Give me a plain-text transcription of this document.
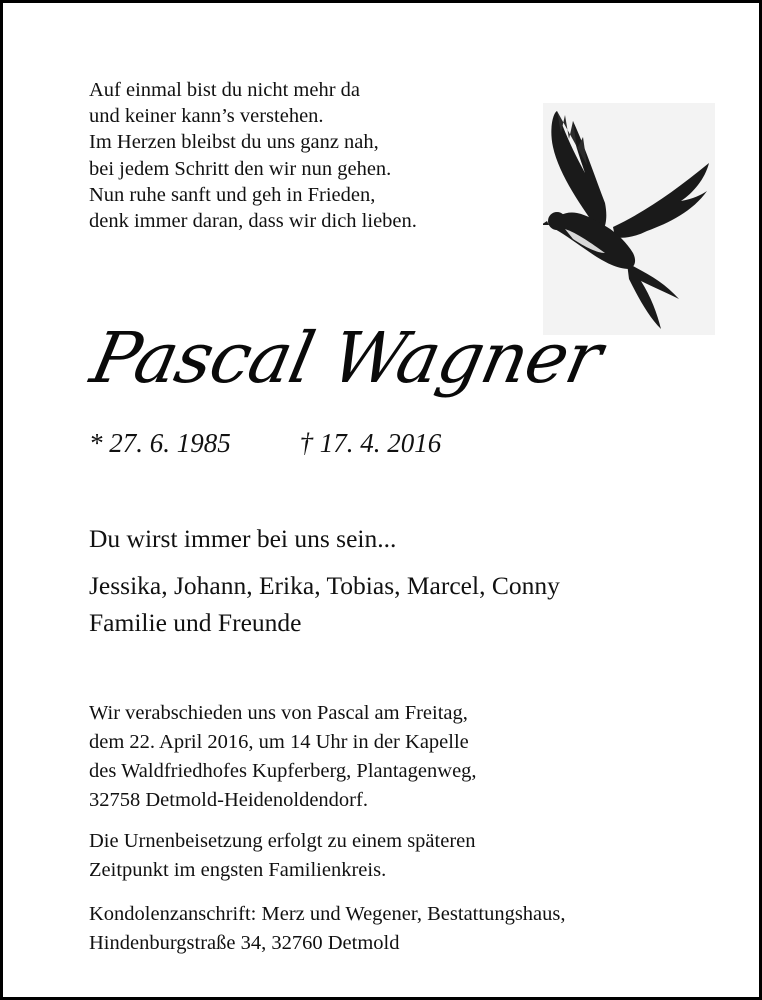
Auf einmal bist du nicht mehr da
und keiner kann’s verstehen.
Im Herzen bleibst du uns ganz nah,
bei jedem Schritt den wir nun gehen.
Nun ruhe sanft und geh in Frieden,
denk immer daran, dass wir dich lieben.
Pascal Wagner
* 27. 6. 1985	† 17. 4. 2016
Du wirst immer bei uns sein...
Jessika, Johann, Erika, Tobias, Marcel, Conny
Familie und Freunde
Wir verabschieden uns von Pascal am Freitag,
dem 22. April 2016, um 14 Uhr in der Kapelle
des Waldfriedhofes Kupferberg, Plantagenweg,
32758 Detmold-Heidenoldendorf.
Die Urnenbeisetzung erfolgt zu einem späteren
Zeitpunkt im engsten Familienkreis.
Kondolenzanschrift: Merz und Wegener, Bestattungshaus,
Hindenburgstraße 34, 32760 Detmold
